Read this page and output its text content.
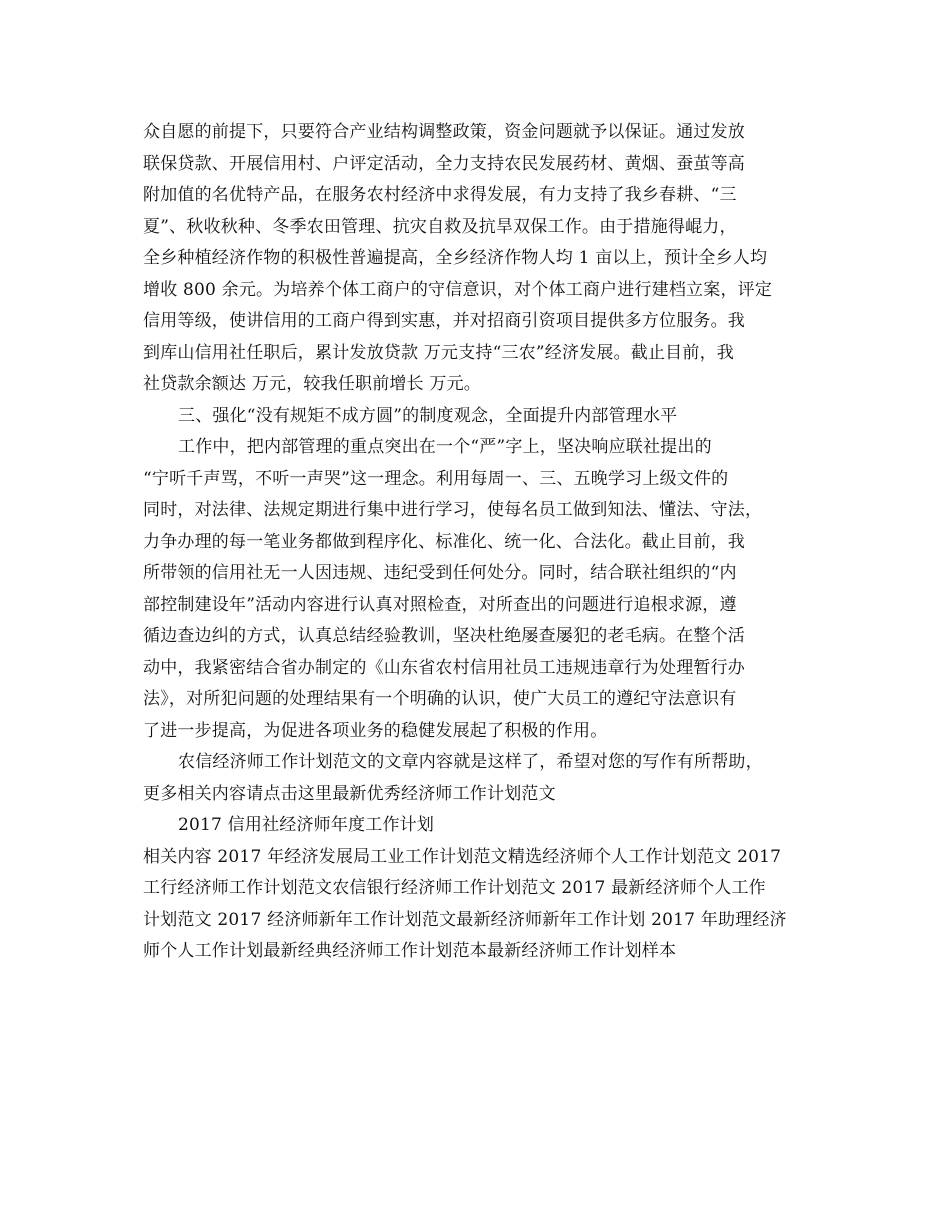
众自愿的前提下，只要符合产业结构调整政策，资金问题就予以保证。通过发放
联保贷款、开展信用村、户评定活动，全力支持农民发展药材、黄烟、蚕茧等高
附加值的名优特产品，在服务农村经济中求得发展，有力支持了我乡春耕、“三
夏”、秋收秋种、冬季农田管理、抗灾自救及抗旱双保工作。由于措施得崐力，
全乡种植经济作物的积极性普遍提高，全乡经济作物人均 1 亩以上，预计全乡人均
增收 800 余元。为培养个体工商户的守信意识，对个体工商户进行建档立案，评定
信用等级，使讲信用的工商户得到实惠，并对招商引资项目提供多方位服务。我
到库山信用社任职后，累计发放贷款 万元支持“三农”经济发展。截止目前，我
社贷款余额达 万元，较我任职前增长 万元。
三、强化“没有规矩不成方圆”的制度观念，全面提升内部管理水平
工作中，把内部管理的重点突出在一个“严”字上，坚决响应联社提出的
“宁听千声骂，不听一声哭”这一理念。利用每周一、三、五晚学习上级文件的
同时，对法律、法规定期进行集中进行学习，使每名员工做到知法、懂法、守法，
力争办理的每一笔业务都做到程序化、标准化、统一化、合法化。截止目前，我
所带领的信用社无一人因违规、违纪受到任何处分。同时，结合联社组织的“内
部控制建设年”活动内容进行认真对照检查，对所查出的问题进行追根求源，遵
循边查边纠的方式，认真总结经验教训，坚决杜绝屡查屡犯的老毛病。在整个活
动中，我紧密结合省办制定的《山东省农村信用社员工违规违章行为处理暂行办
法》，对所犯问题的处理结果有一个明确的认识，使广大员工的遵纪守法意识有
了进一步提高，为促进各项业务的稳健发展起了积极的作用。
农信经济师工作计划范文的文章内容就是这样了，希望对您的写作有所帮助，
更多相关内容请点击这里最新优秀经济师工作计划范文
2017 信用社经济师年度工作计划
相关内容 2017 年经济发展局工业工作计划范文精选经济师个人工作计划范文 2017
工行经济师工作计划范文农信银行经济师工作计划范文 2017 最新经济师个人工作
计划范文 2017 经济师新年工作计划范文最新经济师新年工作计划 2017 年助理经济
师个人工作计划最新经典经济师工作计划范本最新经济师工作计划样本
